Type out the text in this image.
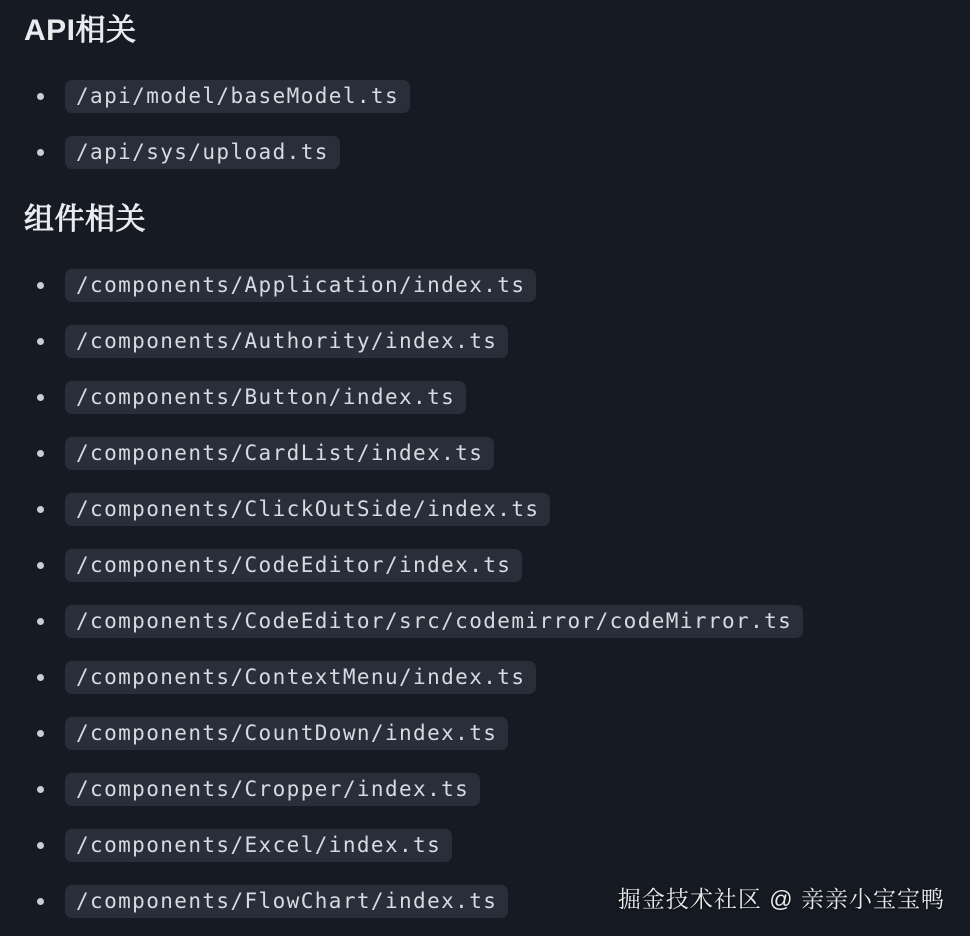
API相关
/api/model/baseModel.ts
/api/sys/upload.ts
组件相关
/components/Application/index.ts
/components/Authority/index.ts
/components/Button/index.ts
/components/CardList/index.ts
/components/ClickOutSide/index.ts
/components/CodeEditor/index.ts
/components/CodeEditor/src/codemirror/codeMirror.ts
/components/ContextMenu/index.ts
/components/CountDown/index.ts
/components/Cropper/index.ts
/components/Excel/index.ts
/components/FlowChart/index.ts	掘金技术社区 @ 亲亲小宝宝鸭
